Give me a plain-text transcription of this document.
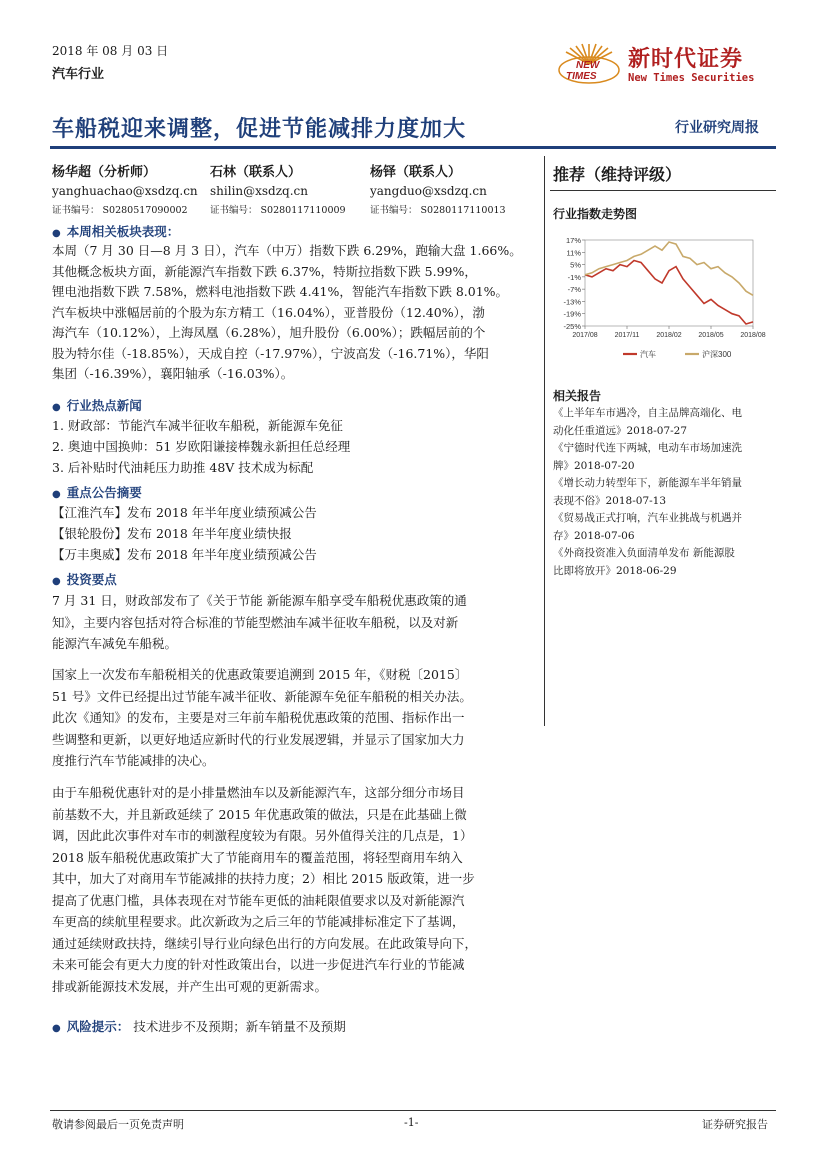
2018 年 08 月 03 日
汽车行业
NEW
TIMES
新时代证券
New Times Securities
车船税迎来调整，促进节能减排力度加大	行业研究周报
杨华超（分析师）
yanghuachao@xsdzq.cn
证书编号： S0280517090002
石林（联系人）
shilin@xsdzq.cn
证书编号： S0280117110009
杨铎（联系人）
yangduo@xsdzq.cn
证书编号： S0280117110013
推荐（维持评级）
行业指数走势图
17%
11%
5%
-1%
-7%
-13%
-19%
-25%
2017/08 2017/11 2018/02 2018/05 2018/08
汽车	沪深300
相关报告
《上半年车市遇冷，自主品牌高端化、电
动化任重道远》2018-07-27
《宁德时代连下两城，电动车市场加速洗
牌》2018-07-20
《增长动力转型年下，新能源车半年销量
表现不俗》2018-07-13
《贸易战正式打响，汽车业挑战与机遇并
存》2018-07-06
《外商投资准入负面清单发布 新能源股
比即将放开》2018-06-29
● 本周相关板块表现：
本周（7 月 30 日—8 月 3 日），汽车（中万）指数下跌 6.29%，跑输大盘 1.66%。
其他概念板块方面，新能源汽车指数下跌 6.37%，特斯拉指数下跌 5.99%，
锂电池指数下跌 7.58%，燃料电池指数下跌 4.41%，智能汽车指数下跌 8.01%。
汽车板块中涨幅居前的个股为东方精工（16.04%），亚普股份（12.40%），渤
海汽车（10.12%），上海凤凰（6.28%），旭升股份（6.00%）；跌幅居前的个
股为特尔佳（-18.85%），天成自控（-17.97%），宁波高发（-16.71%），华阳
集团（-16.39%），襄阳轴承（-16.03%）。
● 行业热点新闻
1. 财政部：节能汽车减半征收车船税，新能源车免征
2. 奥迪中国换帅：51 岁欧阳谦接棒魏永新担任总经理
3. 后补贴时代油耗压力助推 48V 技术成为标配
● 重点公告摘要
【江淮汽车】发布 2018 年半年度业绩预减公告
【银轮股份】发布 2018 年半年度业绩快报
【万丰奥威】发布 2018 年半年度业绩预减公告
● 投资要点
7 月 31 日，财政部发布了《关于节能 新能源车船享受车船税优惠政策的通
知》，主要内容包括对符合标准的节能型燃油车减半征收车船税，以及对新
能源汽车减免车船税。
国家上一次发布车船税相关的优惠政策要追溯到 2015 年，《财税〔2015〕
51 号》文件已经提出过节能车减半征收、新能源车免征车船税的相关办法。
此次《通知》的发布，主要是对三年前车船税优惠政策的范围、指标作出一
些调整和更新，以更好地适应新时代的行业发展逻辑，并显示了国家加大力
度推行汽车节能减排的决心。
由于车船税优惠针对的是小排量燃油车以及新能源汽车，这部分细分市场目
前基数不大，并且新政延续了 2015 年优惠政策的做法，只是在此基础上微
调，因此此次事件对车市的刺激程度较为有限。另外值得关注的几点是，1）
2018 版车船税优惠政策扩大了节能商用车的覆盖范围，将轻型商用车纳入
其中，加大了对商用车节能减排的扶持力度；2）相比 2015 版政策，进一步
提高了优惠门槛，具体表现在对节能车更低的油耗限值要求以及对新能源汽
车更高的续航里程要求。此次新政为之后三年的节能减排标准定下了基调，
通过延续财政扶持，继续引导行业向绿色出行的方向发展。在此政策导向下，
未来可能会有更大力度的针对性政策出台，以进一步促进汽车行业的节能减
排或新能源技术发展，并产生出可观的更新需求。
● 风险提示： 技术进步不及预期；新车销量不及预期
敬请参阅最后一页免责声明	-1-	证券研究报告
